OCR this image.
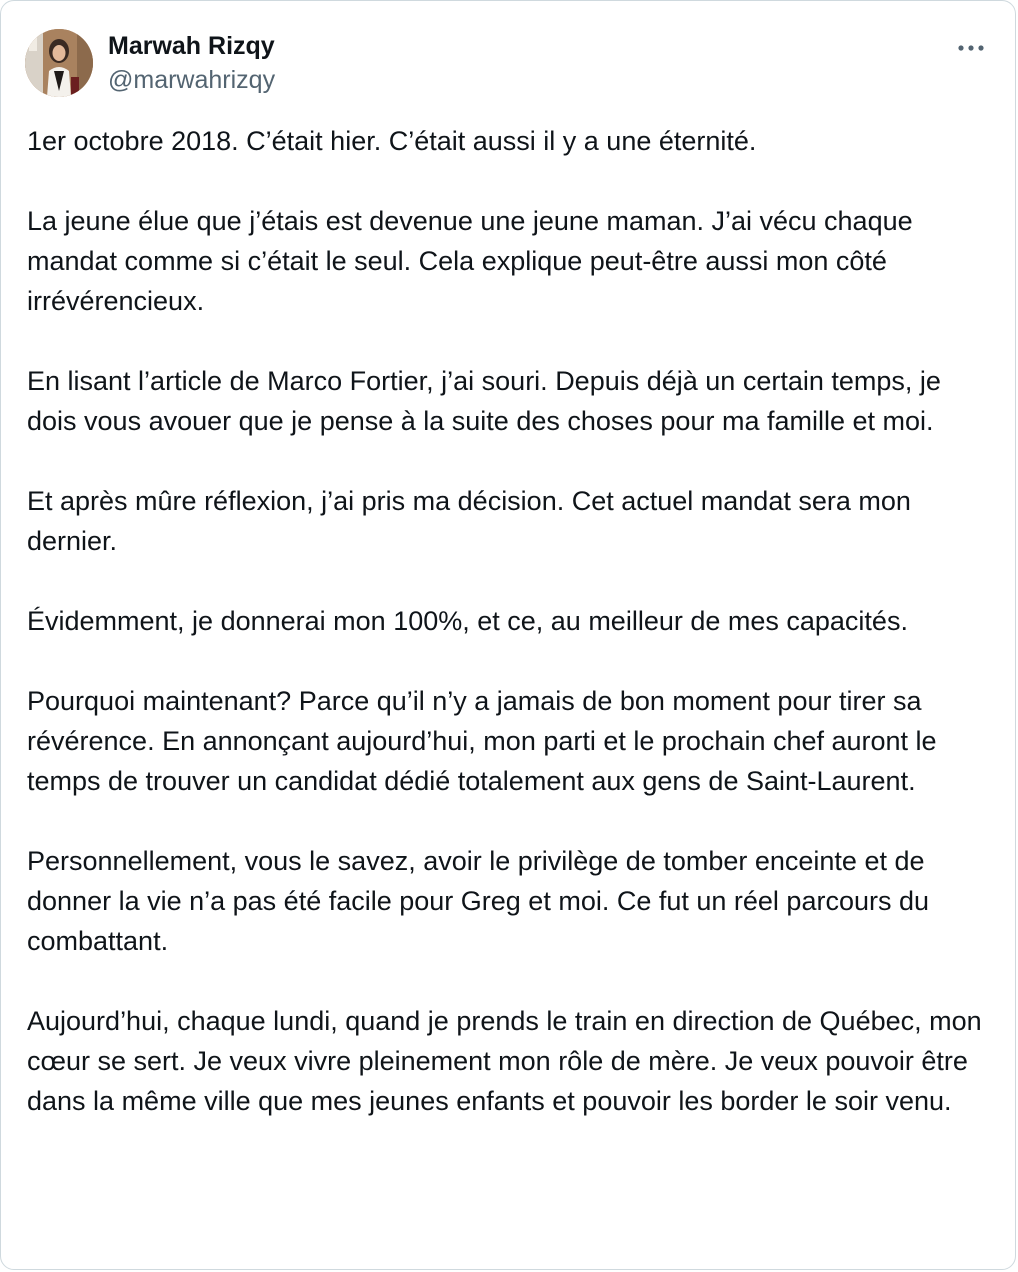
Marwah Rizqy
@marwahrizqy

1er octobre 2018. C’était hier. C’était aussi il y a une éternité.

La jeune élue que j’étais est devenue une jeune maman. J’ai vécu chaque mandat comme si c’était le seul. Cela explique peut-être aussi mon côté irrévérencieux.

En lisant l’article de Marco Fortier, j’ai souri. Depuis déjà un certain temps, je dois vous avouer que je pense à la suite des choses pour ma famille et moi.

Et après mûre réflexion, j’ai pris ma décision. Cet actuel mandat sera mon dernier.

Évidemment, je donnerai mon 100%, et ce, au meilleur de mes capacités.

Pourquoi maintenant? Parce qu’il n’y a jamais de bon moment pour tirer sa révérence. En annonçant aujourd’hui, mon parti et le prochain chef auront le temps de trouver un candidat dédié totalement aux gens de Saint-Laurent.

Personnellement, vous le savez, avoir le privilège de tomber enceinte et de donner la vie n’a pas été facile pour Greg et moi. Ce fut un réel parcours du combattant.

Aujourd’hui, chaque lundi, quand je prends le train en direction de Québec, mon cœur se sert. Je veux vivre pleinement mon rôle de mère. Je veux pouvoir être dans la même ville que mes jeunes enfants et pouvoir les border le soir venu.
